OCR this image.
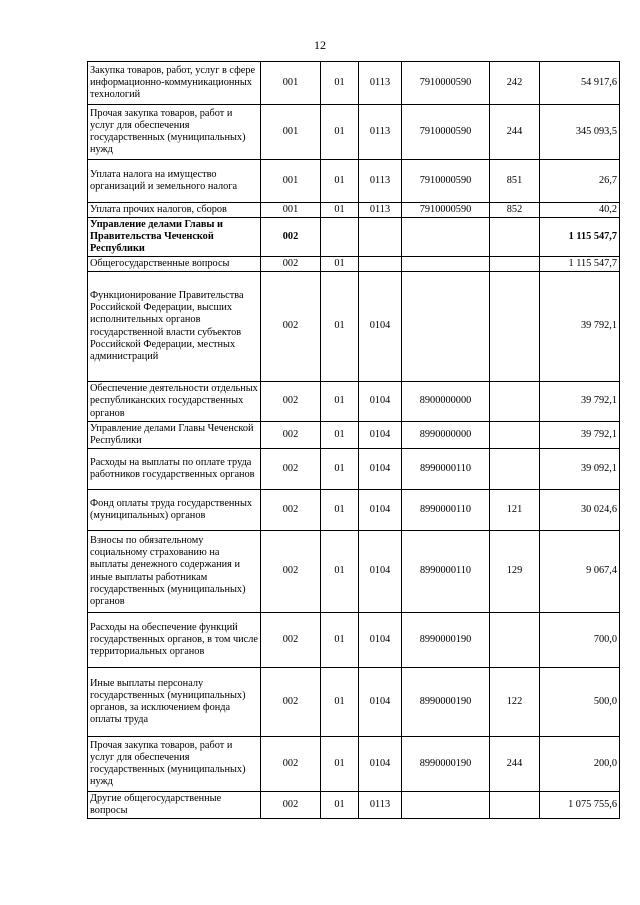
12
Закупка товаров, работ, услуг в сфере информационно-коммуникационных технологий	001	01	0113	7910000590	242	54 917,6
Прочая закупка товаров, работ и услуг для обеспечения государственных (муниципальных) нужд	001	01	0113	7910000590	244	345 093,5
Уплата налога на имущество организаций и земельного налога	001	01	0113	7910000590	851	26,7
Уплата прочих налогов, сборов	001	01	0113	7910000590	852	40,2
Управление делами Главы и Правительства Чеченской Республики	002					1 115 547,7
Общегосударственные вопросы	002	01				1 115 547,7
Функционирование Правительства Российской Федерации, высших исполнительных органов государственной власти субъектов Российской Федерации, местных администраций	002	01	0104			39 792,1
Обеспечение деятельности отдельных республиканских государственных органов	002	01	0104	8900000000		39 792,1
Управление делами Главы Чеченской Республики	002	01	0104	8990000000		39 792,1
Расходы на выплаты по оплате труда работников государственных органов	002	01	0104	8990000110		39 092,1
Фонд оплаты труда государственных (муниципальных) органов	002	01	0104	8990000110	121	30 024,6
Взносы по обязательному социальному страхованию на выплаты денежного содержания и иные выплаты работникам государственных (муниципальных) органов	002	01	0104	8990000110	129	9 067,4
Расходы на обеспечение функций государственных органов, в том числе территориальных органов	002	01	0104	8990000190		700,0
Иные выплаты персоналу государственных (муниципальных) органов, за исключением фонда оплаты труда	002	01	0104	8990000190	122	500,0
Прочая закупка товаров, работ и услуг для обеспечения государственных (муниципальных) нужд	002	01	0104	8990000190	244	200,0
Другие общегосударственные вопросы	002	01	0113			1 075 755,6
